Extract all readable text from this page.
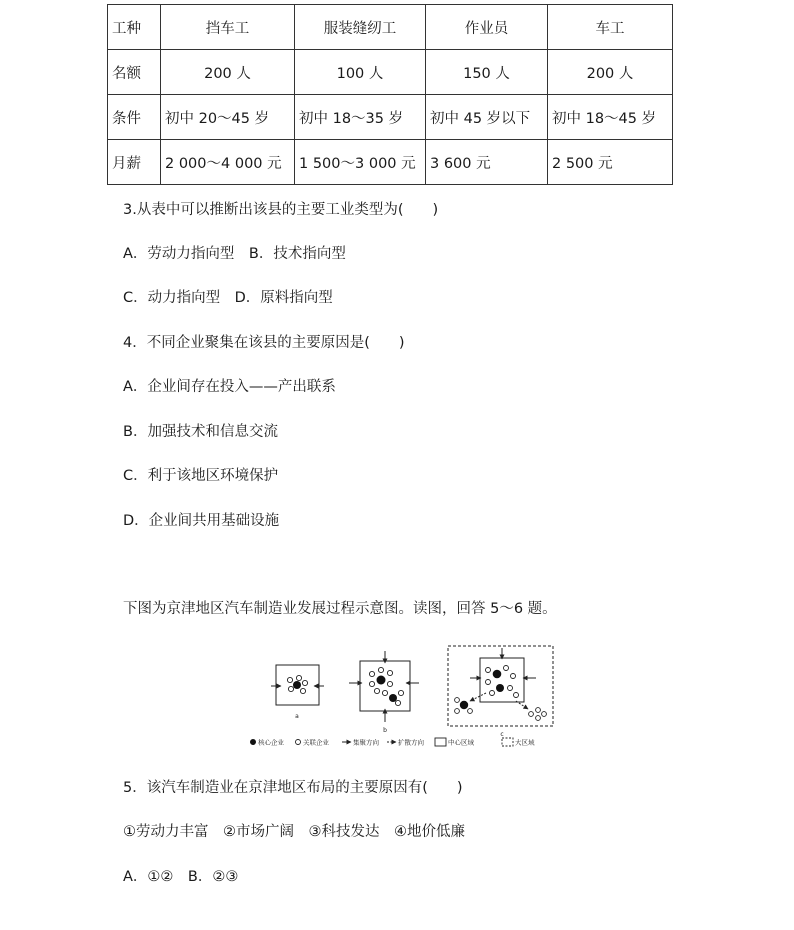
工种	挡车工	服装缝纫工	作业员	车工
名额	200 人	100 人	150 人	200 人
条件	初中 20～45 岁	初中 18～35 岁	初中 45 岁以下	初中 18～45 岁
月薪	2 000～4 000 元	1 500～3 000 元	3 600 元	2 500 元
3.从表中可以推断出该县的主要工业类型为(　　)
A．劳动力指向型　B．技术指向型
C．动力指向型　D．原料指向型
4．不同企业聚集在该县的主要原因是(　　)
A．企业间存在投入——产出联系
B．加强技术和信息交流
C．利于该地区环境保护
D．企业间共用基础设施
下图为京津地区汽车制造业发展过程示意图。读图，回答 5～6 题。
a
b
c
核心企业	关联企业	集聚方向	扩散方向	中心区域	大区域
5．该汽车制造业在京津地区布局的主要原因有(　　)
①劳动力丰富　②市场广阔　③科技发达　④地价低廉
A．①②　B．②③
